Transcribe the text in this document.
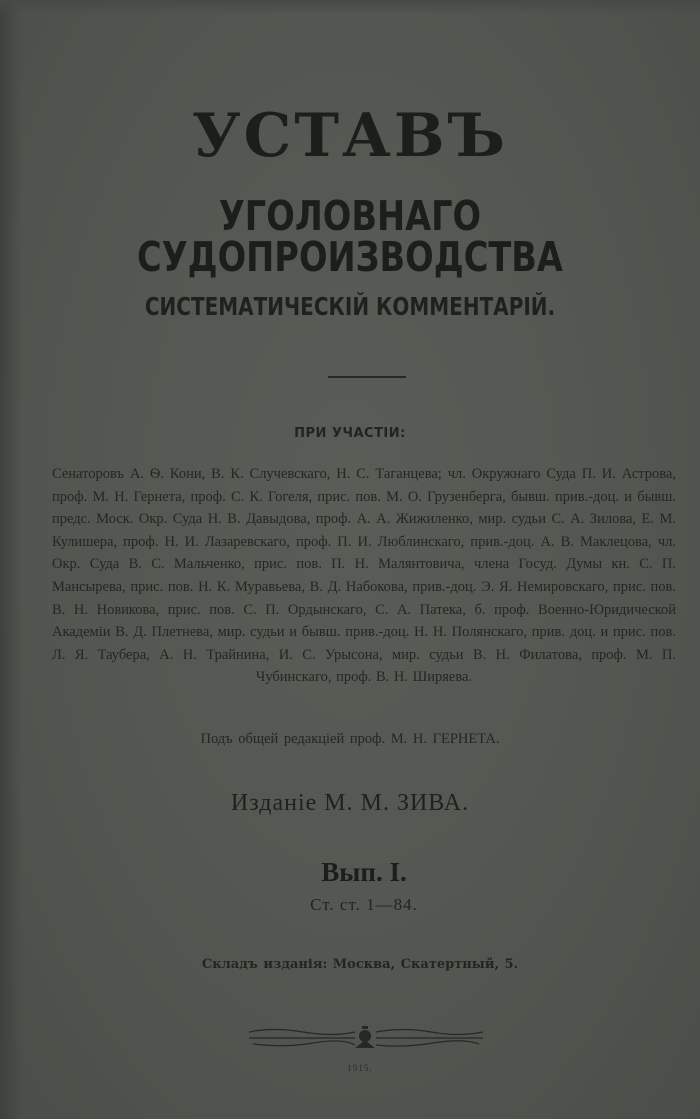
УСТАВЪ
УГОЛОВНАГО СУДОПРОИЗВОДСТВА
СИСТЕМАТИЧЕСКІЙ КОММЕНТАРІЙ.
ПРИ УЧАСТІИ:
Сенаторовъ А. Ѳ. Кони, В. К. Случевскаго, Н. С. Таганцева; чл. Окружнаго Суда П. И. Астрова, проф. М. Н. Гернета, проф. С. К. Гогеля, прис. пов. М. О. Грузенберга, бывш. прив.-доц. и бывш. предс. Моск. Окр. Суда Н. В. Давыдова, проф. А. А. Жижиленко, мир. судьи С. А. Зилова, Е. М. Кулишера, проф. Н. И. Лазаревскаго, проф. П. И. Люблинскаго, прив.-доц. А. В. Маклецова, чл. Окр. Суда В. С. Мальченко, прис. пов. П. Н. Малянтовича, члена Госуд. Думы кн. С. П. Мансырева, прис. пов. Н. К. Муравьева, В. Д. Набокова, прив.-доц. Э. Я. Немировскаго, прис. пов. В. Н. Новикова, прис. пов. С. П. Ордынскаго, С. А. Патека, б. проф. Военно-Юридической Академіи В. Д. Плетнева, мир. судьи и бывш. прив.-доц. Н. Н. Полянскаго, прив. доц. и прис. пов. Л. Я. Таубера, А. Н. Трайнина, И. С. Урысона, мир. судьи В. Н. Филатова, проф. М. П. Чубинскаго, проф. В. Н. Ширяева.
Подъ общей редакціей проф. М. Н. ГЕРНЕТА.
Изданіе М. М. ЗИВА.
Вып. I.
Ст. ст. 1—84.
Складъ изданія: Москва, Скатертный, 5.
1915.
